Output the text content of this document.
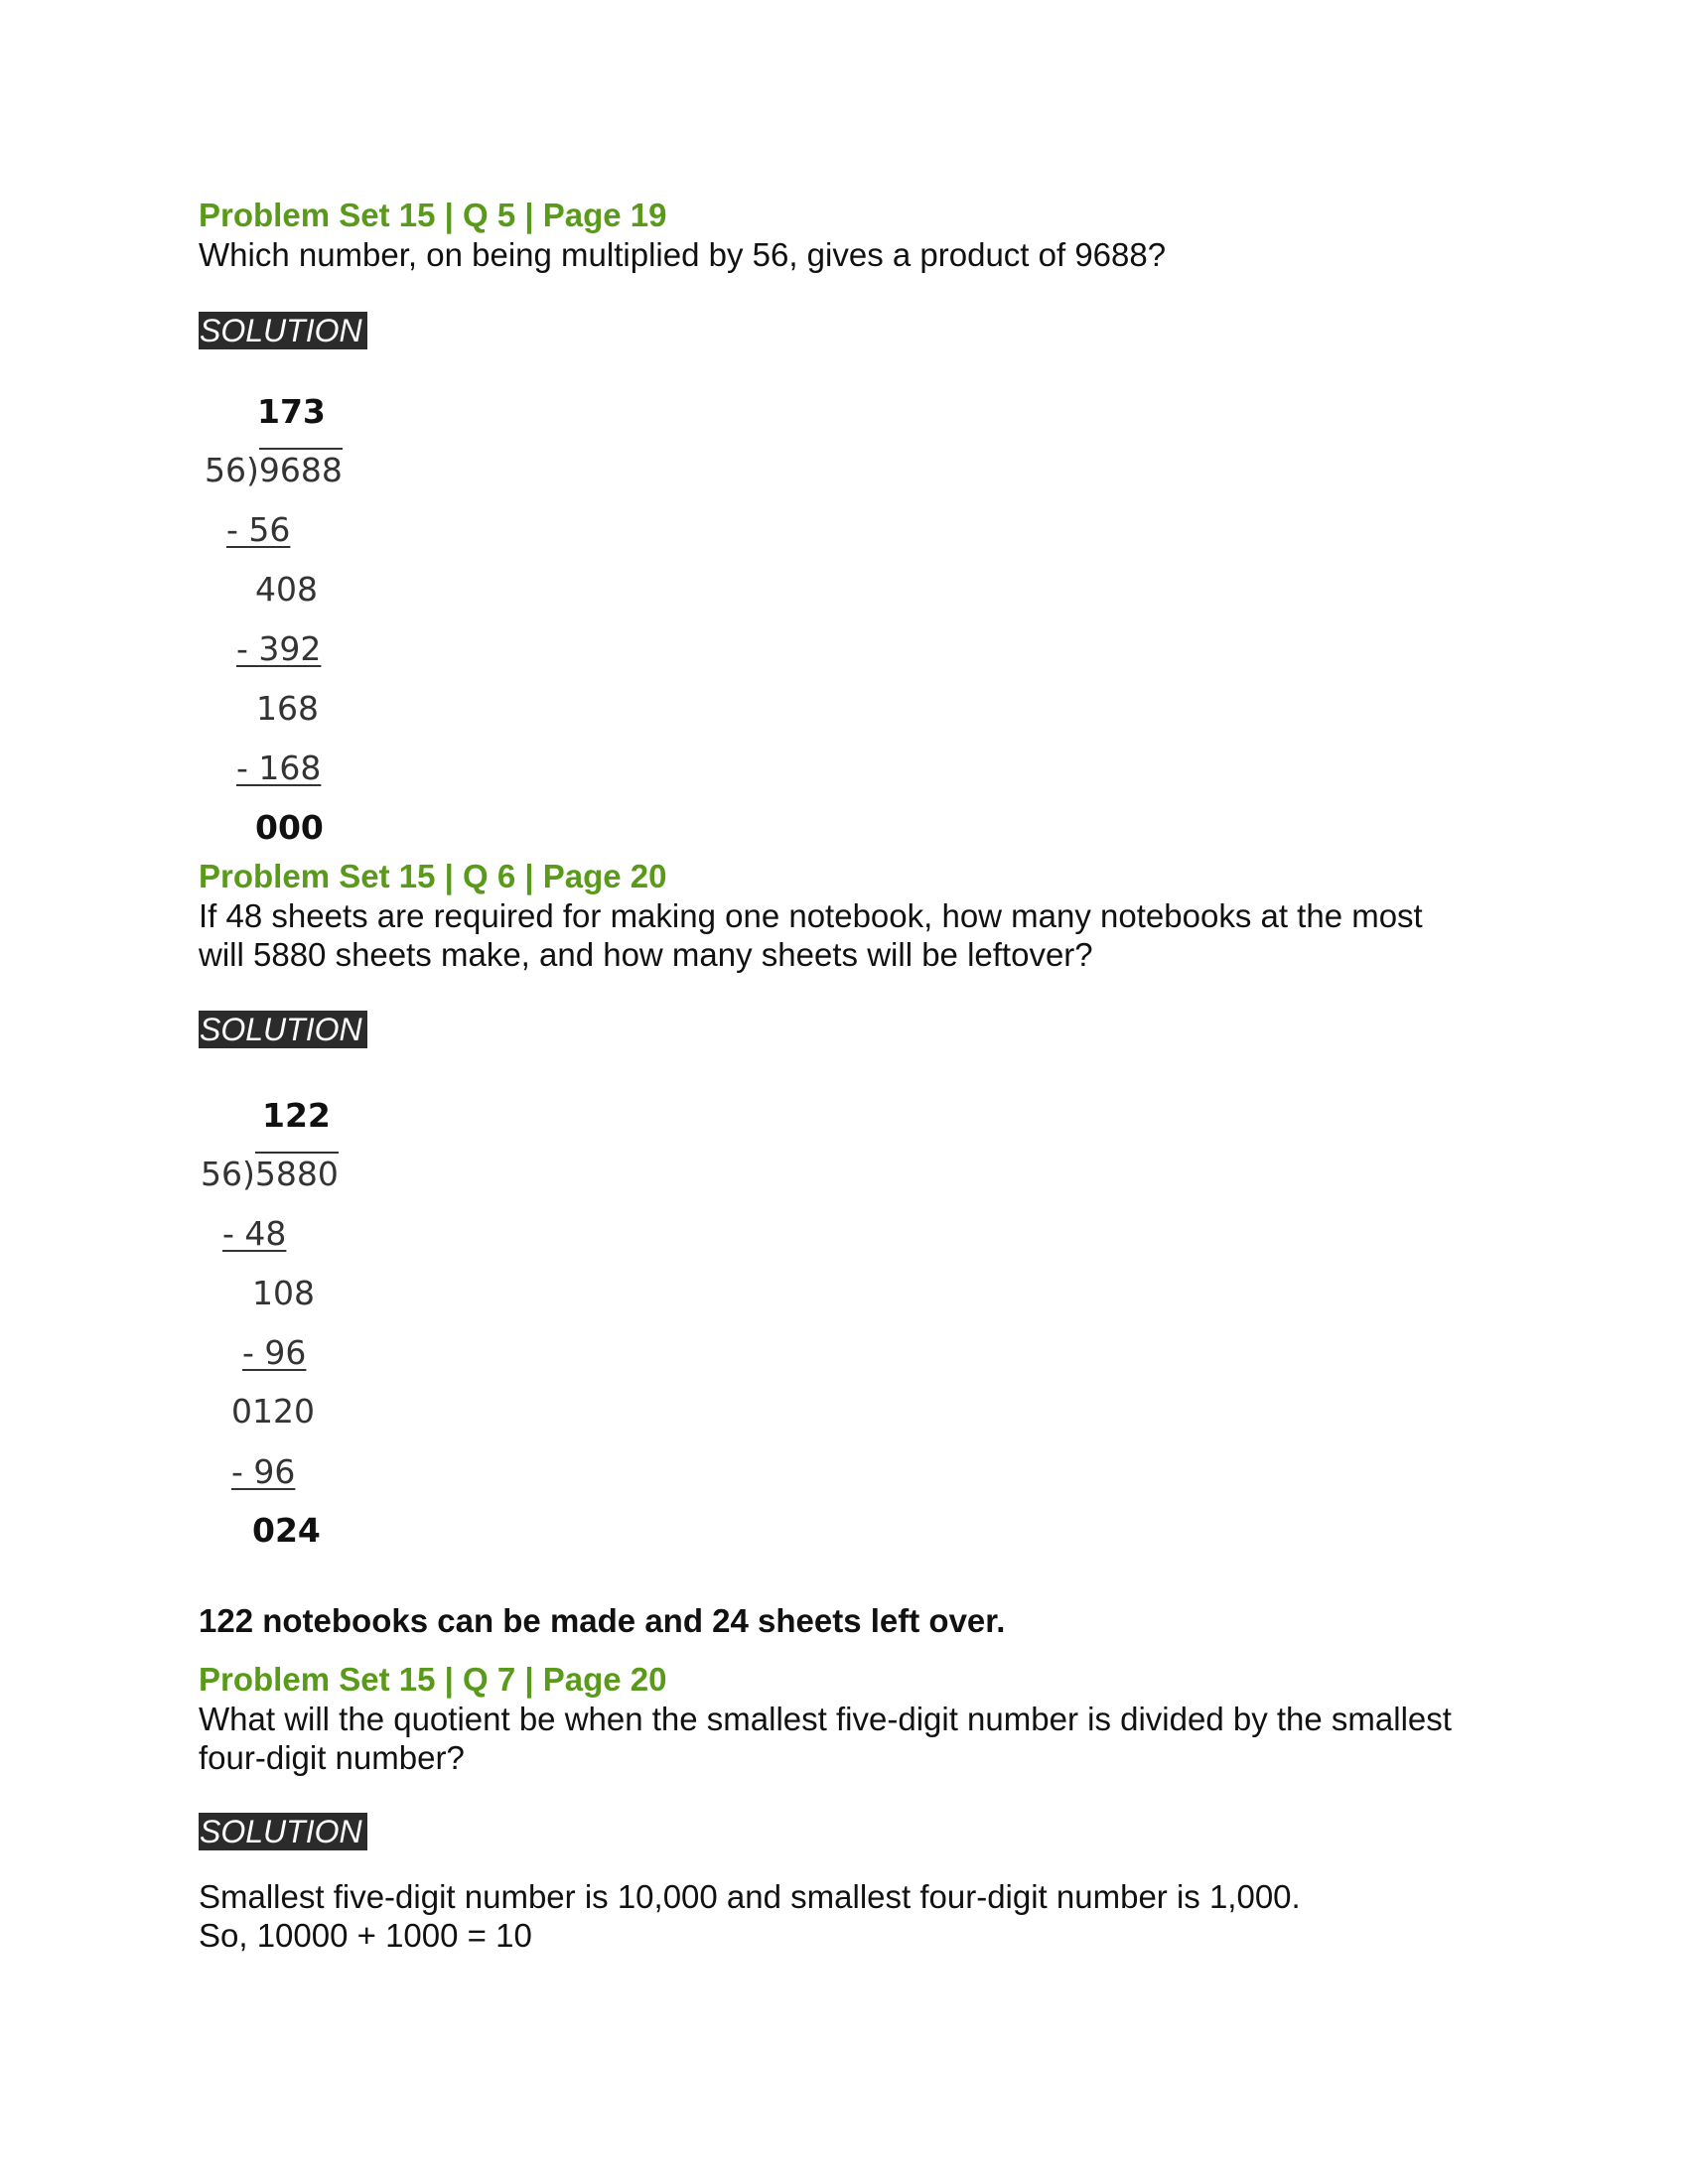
Problem Set 15 | Q 5 | Page 19
Which number, on being multiplied by 56, gives a product of 9688?
SOLUTION
173
56)9688
- 56
408
- 392
168
- 168
000
Problem Set 15 | Q 6 | Page 20
If 48 sheets are required for making one notebook, how many notebooks at the most
will 5880 sheets make, and how many sheets will be leftover?
SOLUTION
122
56)5880
- 48
108
- 96
0120
- 96
024
122 notebooks can be made and 24 sheets left over.
Problem Set 15 | Q 7 | Page 20
What will the quotient be when the smallest five-digit number is divided by the smallest
four-digit number?
SOLUTION
Smallest five-digit number is 10,000 and smallest four-digit number is 1,000.
So, 10000 + 1000 = 10
